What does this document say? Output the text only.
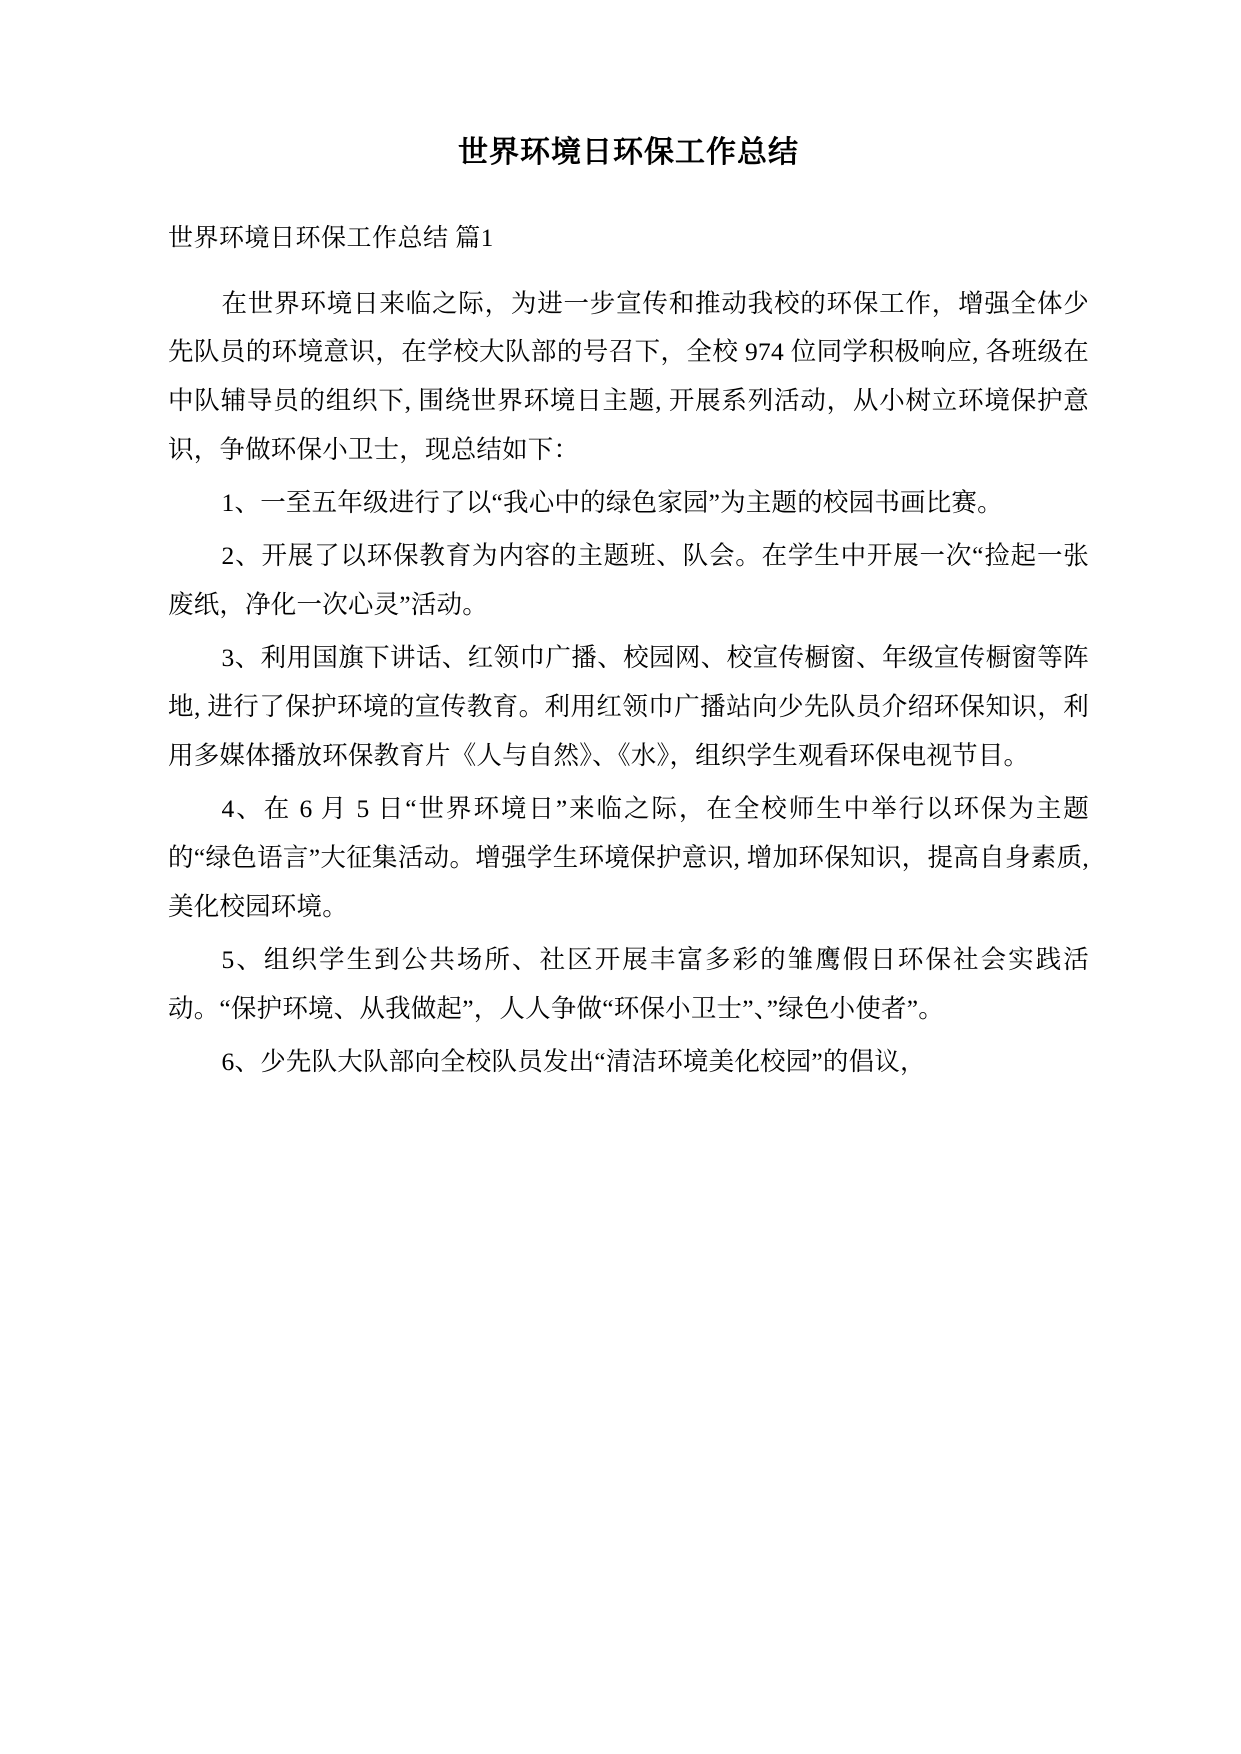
世界环境日环保工作总结

世界环境日环保工作总结 篇1

在世界环境日来临之际，为进一步宣传和推动我校的环保工作，增强全体少先队员的环境意识，在学校大队部的号召下，全校 974 位同学积极响应, 各班级在中队辅导员的组织下, 围绕世界环境日主题, 开展系列活动，从小树立环境保护意识，争做环保小卫士，现总结如下：

1、一至五年级进行了以“我心中的绿色家园”为主题的校园书画比赛。

2、开展了以环保教育为内容的主题班、队会。在学生中开展一次“捡起一张废纸，净化一次心灵”活动。

3、利用国旗下讲话、红领巾广播、校园网、校宣传橱窗、年级宣传橱窗等阵地, 进行了保护环境的宣传教育。利用红领巾广播站向少先队员介绍环保知识，利用多媒体播放环保教育片《人与自然》、《水》，组织学生观看环保电视节目。

4、在 6 月 5 日“世界环境日”来临之际，在全校师生中举行以环保为主题的“绿色语言”大征集活动。增强学生环境保护意识, 增加环保知识，提高自身素质, 美化校园环境。

5、组织学生到公共场所、社区开展丰富多彩的雏鹰假日环保社会实践活动。“保护环境、从我做起”，人人争做“环保小卫士”、”绿色小使者”。

6、少先队大队部向全校队员发出“清洁环境美化校园”的倡议，
